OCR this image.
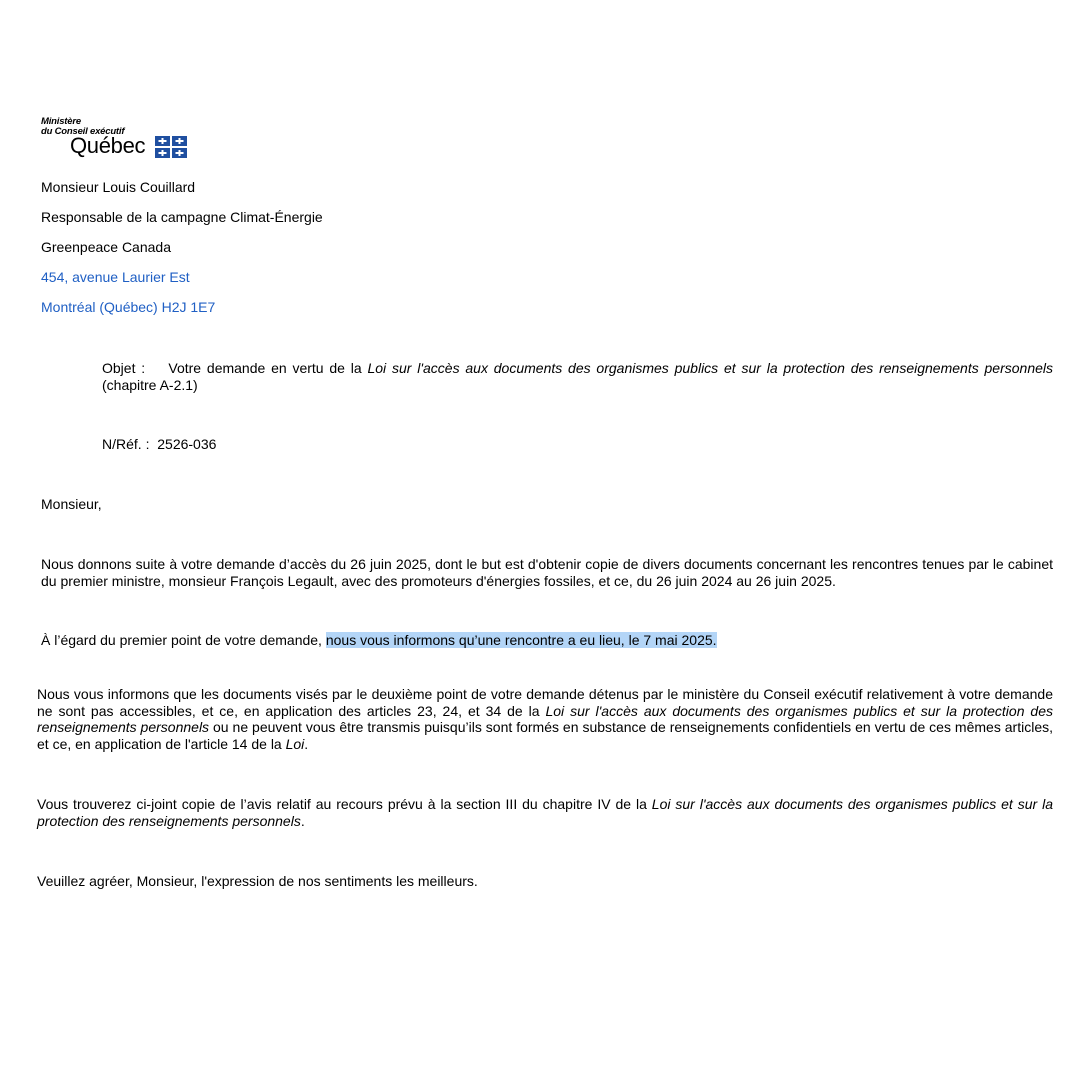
Ministère
du Conseil exécutif
Québec
Monsieur Louis Couillard
Responsable de la campagne Climat-Énergie
Greenpeace Canada
454, avenue Laurier Est
Montréal (Québec) H2J 1E7
Objet : Votre demande en vertu de la Loi sur l'accès aux documents des organismes publics et sur la protection des renseignements personnels (chapitre A-2.1)
N/Réf. : 2526-036
Monsieur,
Nous donnons suite à votre demande d’accès du 26 juin 2025, dont le but est d'obtenir copie de divers documents concernant les rencontres tenues par le cabinet du premier ministre, monsieur François Legault, avec des promoteurs d'énergies fossiles, et ce, du 26 juin 2024 au 26 juin 2025.
À l’égard du premier point de votre demande, nous vous informons qu’une rencontre a eu lieu, le 7 mai 2025.
Nous vous informons que les documents visés par le deuxième point de votre demande détenus par le ministère du Conseil exécutif relativement à votre demande ne sont pas accessibles, et ce, en application des articles 23, 24, et 34 de la Loi sur l'accès aux documents des organismes publics et sur la protection des renseignements personnels ou ne peuvent vous être transmis puisqu’ils sont formés en substance de renseignements confidentiels en vertu de ces mêmes articles, et ce, en application de l'article 14 de la Loi.
Vous trouverez ci-joint copie de l’avis relatif au recours prévu à la section III du chapitre IV de la Loi sur l'accès aux documents des organismes publics et sur la protection des renseignements personnels.
Veuillez agréer, Monsieur, l'expression de nos sentiments les meilleurs.
